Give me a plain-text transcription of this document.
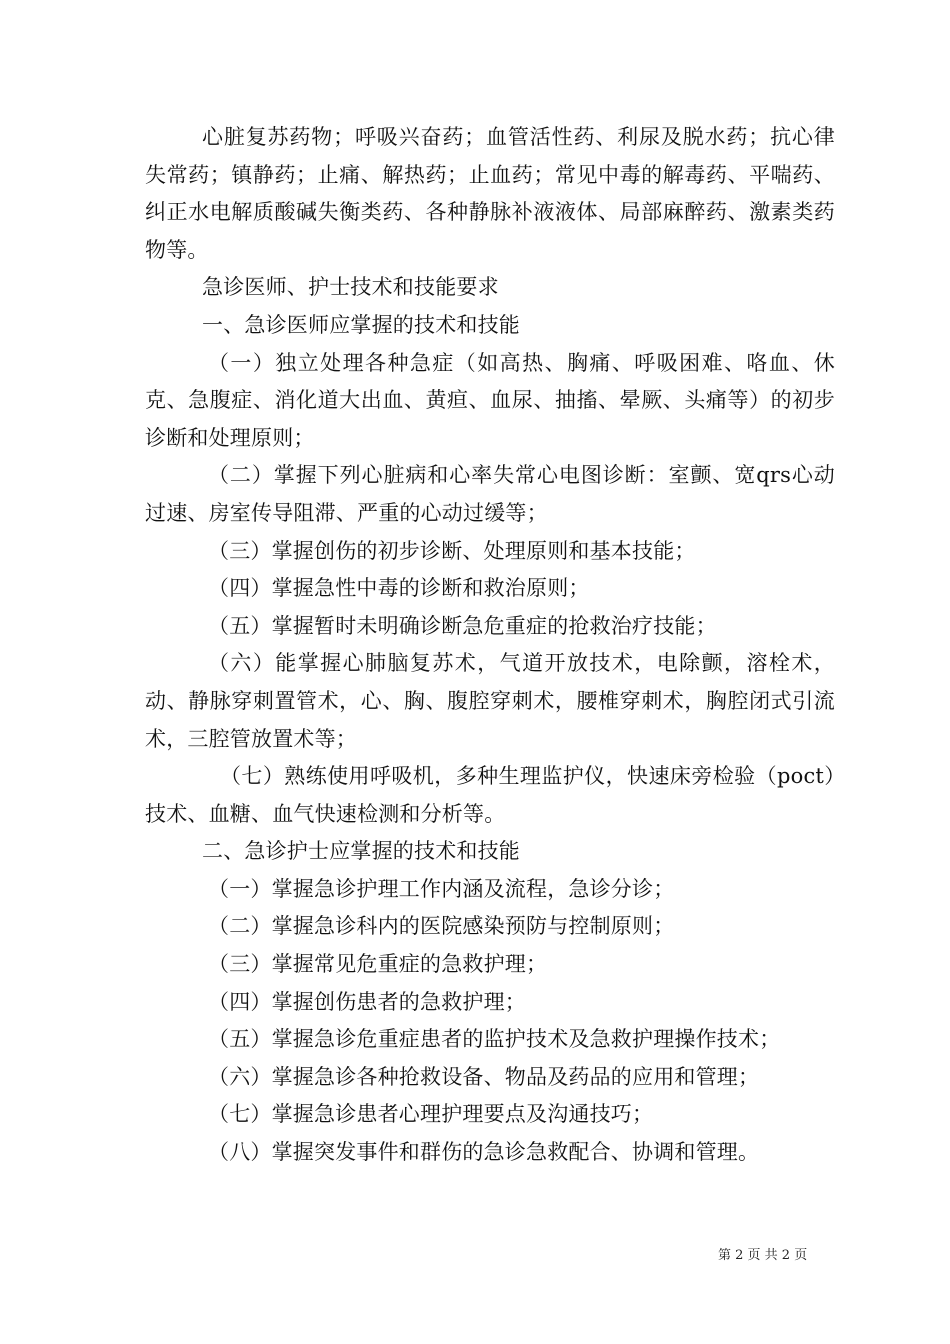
心脏复苏药物；呼吸兴奋药；血管活性药、利尿及脱水药；抗心律失常药；镇静药；止痛、解热药；止血药；常见中毒的解毒药、平喘药、纠正水电解质酸碱失衡类药、各种静脉补液液体、局部麻醉药、激素类药物等。

急诊医师、护士技术和技能要求

一、急诊医师应掌握的技术和技能

（一）独立处理各种急症（如高热、胸痛、呼吸困难、咯血、休克、急腹症、消化道大出血、黄疸、血尿、抽搐、晕厥、头痛等）的初步诊断和处理原则；

（二）掌握下列心脏病和心率失常心电图诊断：室颤、宽qrs心动过速、房室传导阻滞、严重的心动过缓等；

（三）掌握创伤的初步诊断、处理原则和基本技能；

（四）掌握急性中毒的诊断和救治原则；

（五）掌握暂时未明确诊断急危重症的抢救治疗技能；

（六）能掌握心肺脑复苏术，气道开放技术，电除颤，溶栓术，动、静脉穿刺置管术，心、胸、腹腔穿刺术，腰椎穿刺术，胸腔闭式引流术，三腔管放置术等；

（七）熟练使用呼吸机，多种生理监护仪，快速床旁检验（poct）技术、血糖、血气快速检测和分析等。

二、急诊护士应掌握的技术和技能

（一）掌握急诊护理工作内涵及流程，急诊分诊；

（二）掌握急诊科内的医院感染预防与控制原则；

（三）掌握常见危重症的急救护理；

（四）掌握创伤患者的急救护理；

（五）掌握急诊危重症患者的监护技术及急救护理操作技术；

（六）掌握急诊各种抢救设备、物品及药品的应用和管理；

（七）掌握急诊患者心理护理要点及沟通技巧；

（八）掌握突发事件和群伤的急诊急救配合、协调和管理。

第 2 页 共 2 页
